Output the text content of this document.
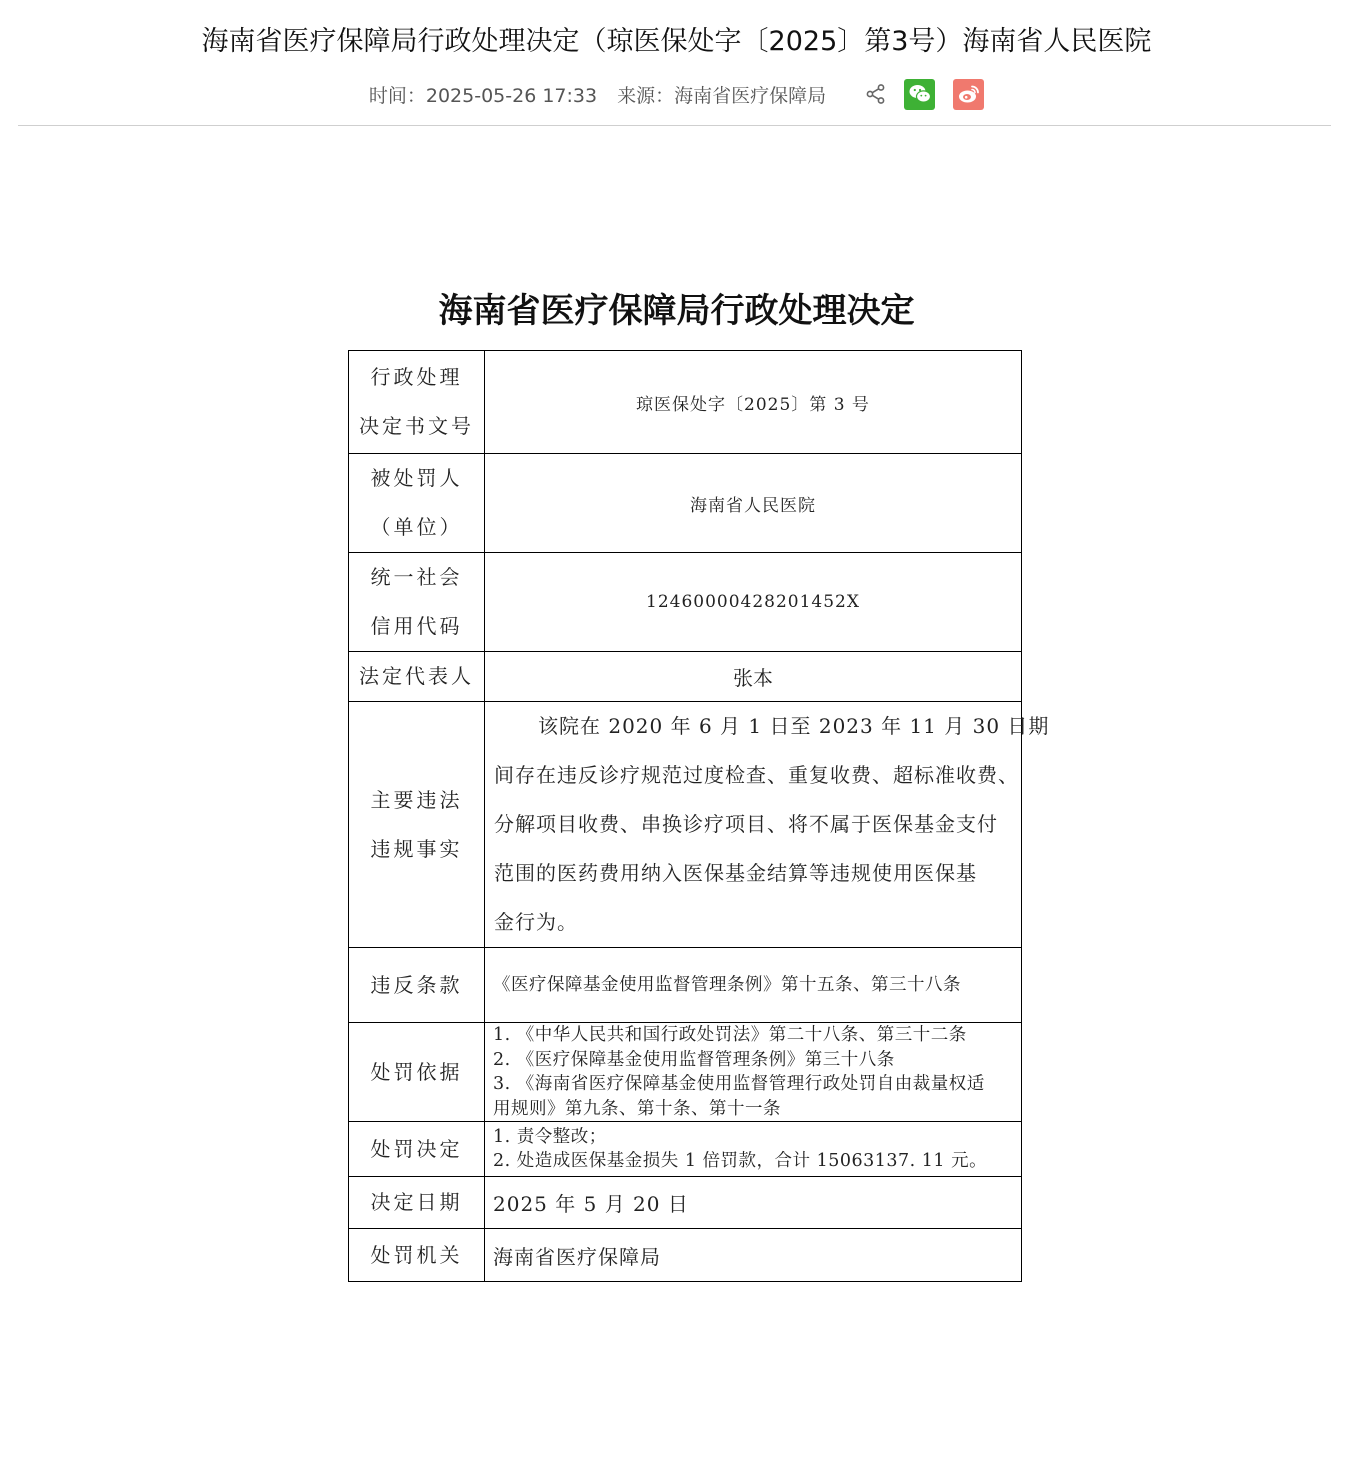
海南省医疗保障局行政处理决定（琼医保处字〔2025〕第3号）海南省人民医院
时间：2025-05-26 17:33 来源：海南省医疗保障局
海南省医疗保障局行政处理决定
行政处理
决定书文号	琼医保处字〔2025〕第 3 号

被处罚人
（单位）	海南省人民医院

统一社会
信用代码	12460000428201452X
法定代表人	张本

主要违法
违规事实	该院在 2020 年 6 月 1 日至 2023 年 11 月 30 日期
间存在违反诊疗规范过度检查、重复收费、超标准收费、
分解项目收费、串换诊疗项目、将不属于医保基金支付
范围的医药费用纳入医保基金结算等违规使用医保基
金行为。

违反条款	《医疗保障基金使用监督管理条例》第十五条、第三十八条
处罚依据	1. 《中华人民共和国行政处罚法》第二十八条、第三十二条
2. 《医疗保障基金使用监督管理条例》第三十八条
3. 《海南省医疗保障基金使用监督管理行政处罚自由裁量权适
用规则》第九条、第十条、第十一条

处罚决定	1. 责令整改；
2. 处造成医保基金损失 1 倍罚款，合计 15063137. 11 元。

决定日期	2025 年 5 月 20 日
处罚机关	海南省医疗保障局
